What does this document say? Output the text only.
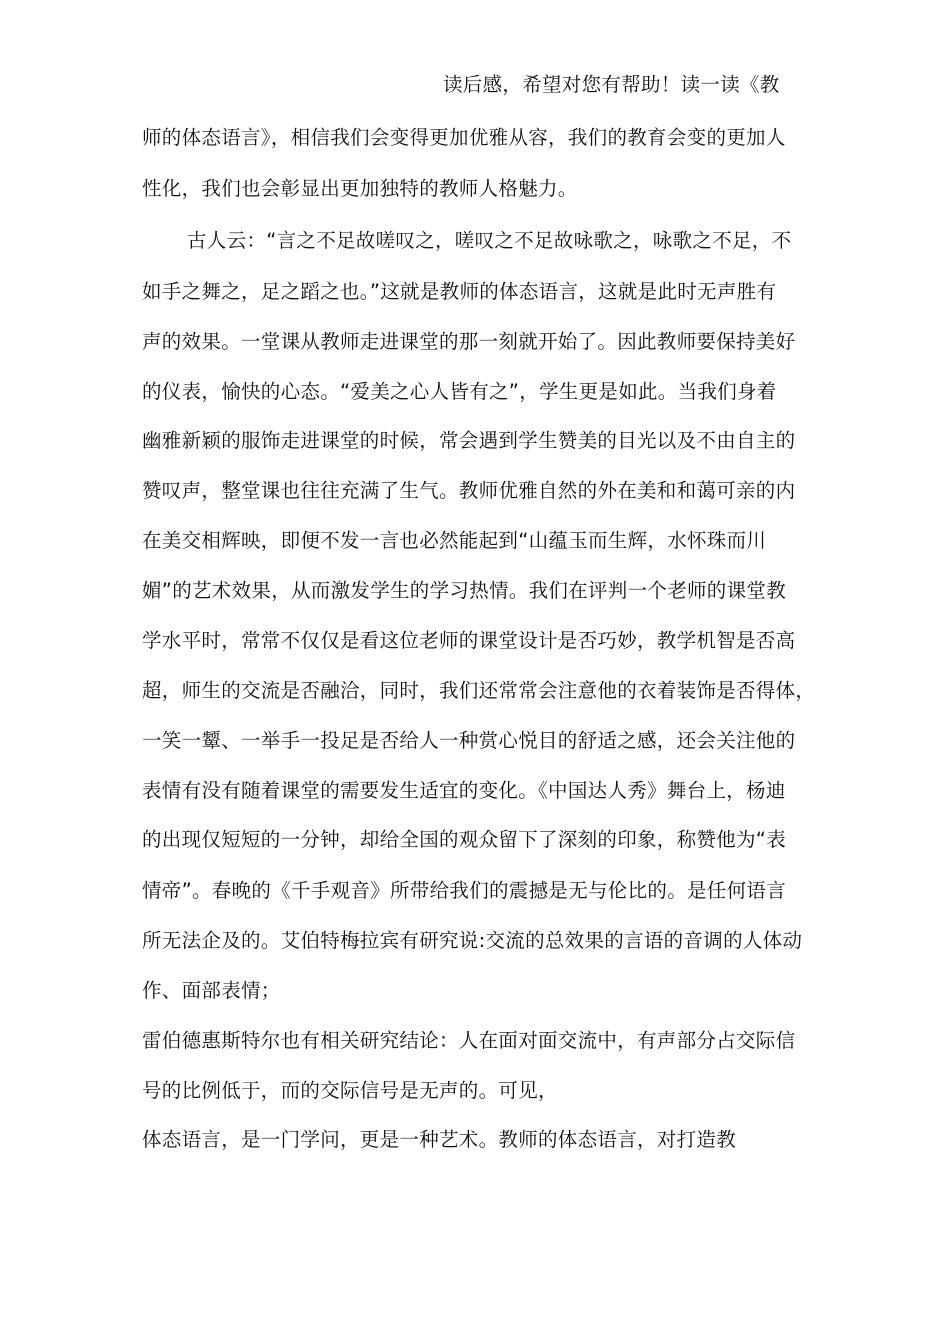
读后感，希望对您有帮助！读一读《教
师的体态语言》，相信我们会变得更加优雅从容，我们的教育会变的更加人
性化，我们也会彰显出更加独特的教师人格魅力。
古人云：“言之不足故嗟叹之，嗟叹之不足故咏歌之，咏歌之不足，不
如手之舞之，足之蹈之也。”这就是教师的体态语言，这就是此时无声胜有
声的效果。一堂课从教师走进课堂的那一刻就开始了。因此教师要保持美好
的仪表，愉快的心态。“爱美之心人皆有之”，学生更是如此。当我们身着
幽雅新颖的服饰走进课堂的时候，常会遇到学生赞美的目光以及不由自主的
赞叹声，整堂课也往往充满了生气。教师优雅自然的外在美和和蔼可亲的内
在美交相辉映，即便不发一言也必然能起到“山蕴玉而生辉，水怀珠而川
媚”的艺术效果，从而激发学生的学习热情。我们在评判一个老师的课堂教
学水平时，常常不仅仅是看这位老师的课堂设计是否巧妙，教学机智是否高
超，师生的交流是否融洽，同时，我们还常常会注意他的衣着装饰是否得体，
一笑一颦、一举手一投足是否给人一种赏心悦目的舒适之感，还会关注他的
表情有没有随着课堂的需要发生适宜的变化。《中国达人秀》舞台上，杨迪
的出现仅短短的一分钟，却给全国的观众留下了深刻的印象，称赞他为“表
情帝”。春晚的《千手观音》所带给我们的震撼是无与伦比的。是任何语言
所无法企及的。艾伯特梅拉宾有研究说:交流的总效果的言语的音调的人体动
作、面部表情；
雷伯德惠斯特尔也有相关研究结论：人在面对面交流中，有声部分占交际信
号的比例低于，而的交际信号是无声的。可见，
体态语言，是一门学问，更是一种艺术。教师的体态语言，对打造教
